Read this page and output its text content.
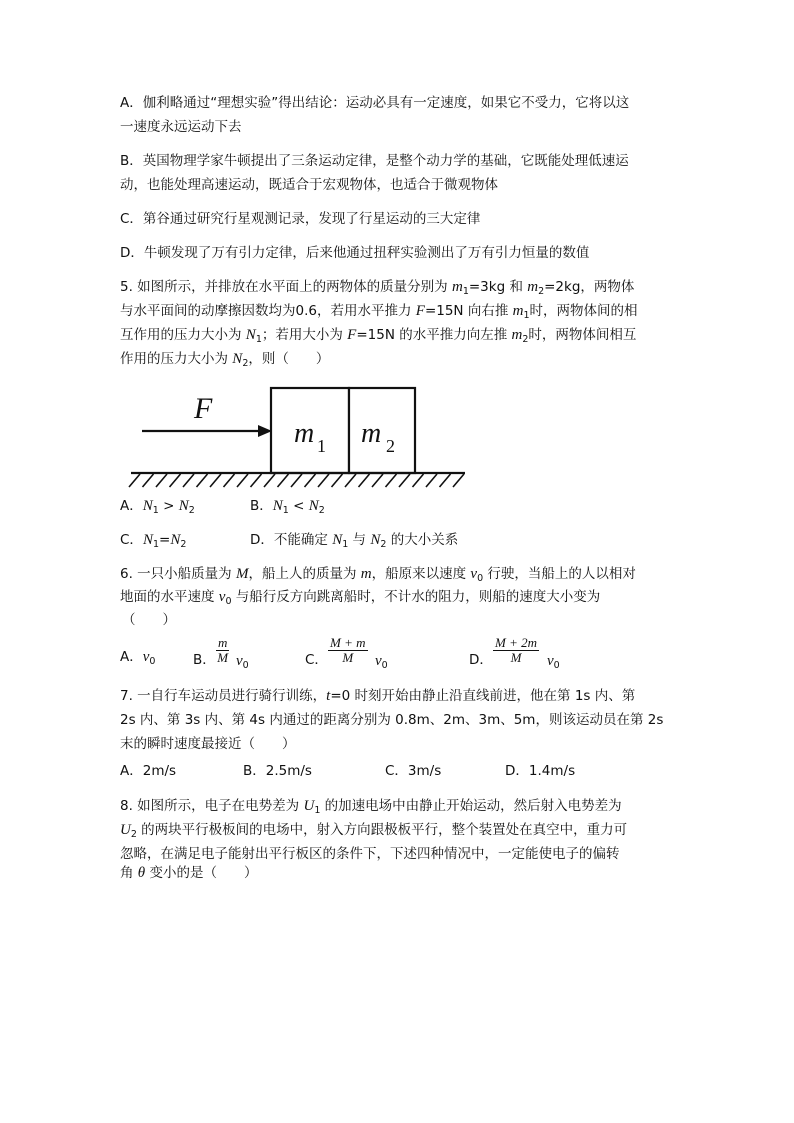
A．伽利略通过“理想实验”得出结论：运动必具有一定速度，如果它不受力，它将以这
一速度永远运动下去
B．英国物理学家牛顿提出了三条运动定律，是整个动力学的基础，它既能处理低速运
动，也能处理高速运动，既适合于宏观物体，也适合于微观物体
C．第谷通过研究行星观测记录，发现了行星运动的三大定律
D．牛顿发现了万有引力定律，后来他通过扭秤实验测出了万有引力恒量的数值
5. 如图所示，并排放在水平面上的两物体的质量分别为 $m_1=3kg$ 和 $m_2=2kg$，两物体
与水平面间的动摩擦因数均为0.6，若用水平推力 F=15N 向右推 $m_1$时，两物体间的相
互作用的压力大小为 $N_1$；若用大小为 F=15N 的水平推力向左推 $m_2$时，两物体间相互
作用的压力大小为 $N_2$，则（　　）
F
m 1 m 2
A．$N_1 > N_2$	B．$N_1 < N_2$
C．$N_1=N_2$	D．不能确定 $N_1$ 与 $N_2$ 的大小关系
6. 一只小船质量为 M，船上人的质量为 m，船原来以速度 $v_0$ 行驶，当船上的人以相对
地面的水平速度 $v_0$ 与船行反方向跳离船时，不计水的阻力，则船的速度大小变为
（　　）
A．$v_0$	B． $\frac{m}{M} v_0$	C． $\frac{M + m}{M} v_0$	D． $\frac{M + 2m}{M} v_0$
7. 一自行车运动员进行骑行训练，t=0 时刻开始由静止沿直线前进，他在第 1s 内、第
2s 内、第 3s 内、第 4s 内通过的距离分别为 0.8m、2m、3m、5m，则该运动员在第 2s
末的瞬时速度最接近（　　）
A．2m/s	B．2.5m/s	C．3m/s	D．1.4m/s
8. 如图所示，电子在电势差为 $U_1$ 的加速电场中由静止开始运动，然后射入电势差为
$U_2$ 的两块平行极板间的电场中，射入方向跟极板平行，整个装置处在真空中，重力可
忽略，在满足电子能射出平行板区的条件下，下述四种情况中，一定能使电子的偏转
角 θ 变小的是（　　）
